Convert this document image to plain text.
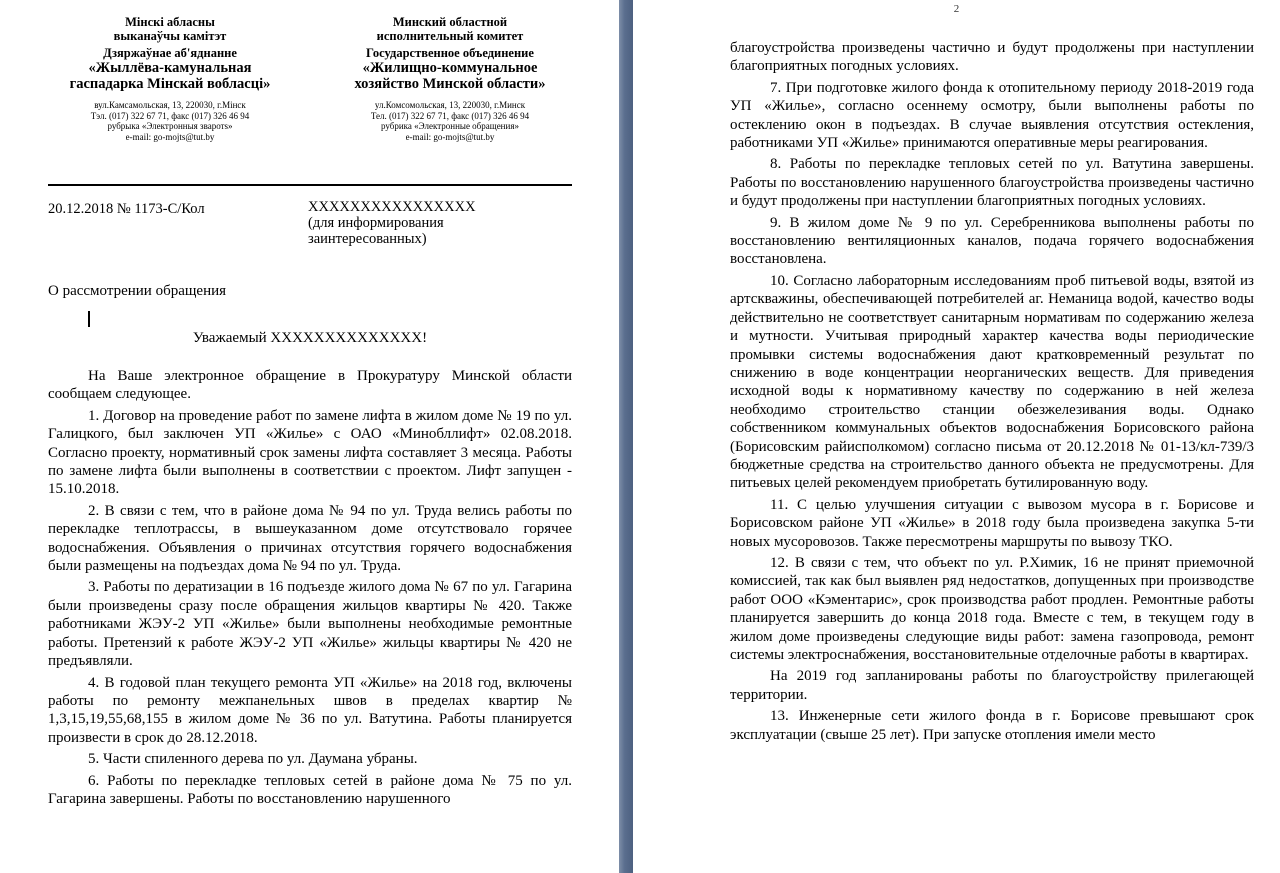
Мінскі абласны
выканаўчы камітэт
Дзяржаўнае аб'яднанне
«Жыллёва-камунальная
гаспадарка Мінскай вобласці»
вул.Камсамольская, 13, 220030, г.Мінск
Тэл. (017) 322 67 71, факс (017) 326 46 94
рубрыка «Электронныя зваротs»
e-mail: go-mojts@tut.by
Минский областной
исполнительный комитет
Государственное объединение
«Жилищно-коммунальное
хозяйство Минской области»
ул.Комсомольская, 13, 220030, г.Минск
Тел. (017) 322 67 71, факс (017) 326 46 94
рубрика «Электронные обращения»
e-mail: go-mojts@tut.by
20.12.2018 № 1173-С/Кол	ХХХХХХХХХХХХХХХХ
(для информирования
заинтересованных)
О рассмотрении обращения
Уважаемый ХХХХХХХХХХХХХХ!

На Ваше электронное обращение в Прокуратуру Минской области сообщаем следующее.

1. Договор на проведение работ по замене лифта в жилом доме № 19 по ул. Галицкого, был заключен УП «Жилье» с ОАО «Минобллифт» 02.08.2018. Согласно проекту, нормативный срок замены лифта составляет 3 месяца. Работы по замене лифта были выполнены в соответствии с проектом. Лифт запущен - 15.10.2018.

2. В связи с тем, что в районе дома № 94 по ул. Труда велись работы по перекладке теплотрассы, в вышеуказанном доме отсутствовало горячее водоснабжения. Объявления о причинах отсутствия горячего водоснабжения были размещены на подъездах дома № 94 по ул. Труда.

3. Работы по дератизации в 16 подъезде жилого дома № 67 по ул. Гагарина были произведены сразу после обращения жильцов квартиры № 420. Также работниками ЖЭУ-2 УП «Жилье» были выполнены необходимые ремонтные работы. Претензий к работе ЖЭУ-2 УП «Жилье» жильцы квартиры № 420 не предъявляли.

4. В годовой план текущего ремонта УП «Жилье» на 2018 год, включены работы по ремонту межпанельных швов в пределах квартир № 1,3,15,19,55,68,155 в жилом доме № 36 по ул. Ватутина. Работы планируется произвести в срок до 28.12.2018.

5. Части спиленного дерева по ул. Даумана убраны.

6. Работы по перекладке тепловых сетей в районе дома № 75 по ул. Гагарина завершены. Работы по восстановлению нарушенного

2

благоустройства произведены частично и будут продолжены при наступлении благоприятных погодных условиях.

7. При подготовке жилого фонда к отопительному периоду 2018-2019 года УП «Жилье», согласно осеннему осмотру, были выполнены работы по остеклению окон в подъездах. В случае выявления отсутствия остекления, работниками УП «Жилье» принимаются оперативные меры реагирования.

8. Работы по перекладке тепловых сетей по ул. Ватутина завершены. Работы по восстановлению нарушенного благоустройства произведены частично и будут продолжены при наступлении благоприятных погодных условиях.

9. В жилом доме № 9 по ул. Серебренникова выполнены работы по восстановлению вентиляционных каналов, подача горячего водоснабжения восстановлена.

10. Согласно лабораторным исследованиям проб питьевой воды, взятой из артскважины, обеспечивающей потребителей аг. Неманица водой, качество воды действительно не соответствует санитарным нормативам по содержанию железа и мутности. Учитывая природный характер качества воды периодические промывки системы водоснабжения дают кратковременный результат по снижению в воде концентрации неорганических веществ. Для приведения исходной воды к нормативному качеству по содержанию в ней железа необходимо строительство станции обезжелезивания воды. Однако собственником коммунальных объектов водоснабжения Борисовского района (Борисовским райисполкомом) согласно письма от 20.12.2018 № 01-13/кл-739/3 бюджетные средства на строительство данного объекта не предусмотрены. Для питьевых целей рекомендуем приобретать бутилированную воду.

11. С целью улучшения ситуации с вывозом мусора в г. Борисове и Борисовском районе УП «Жилье» в 2018 году была произведена закупка 5-ти новых мусоровозов. Также пересмотрены маршруты по вывозу ТКО.

12. В связи с тем, что объект по ул. Р.Химик, 16 не принят приемочной комиссией, так как был выявлен ряд недостатков, допущенных при производстве работ ООО «Кэментарис», срок производства работ продлен. Ремонтные работы планируется завершить до конца 2018 года. Вместе с тем, в текущем году в жилом доме произведены следующие виды работ: замена газопровода, ремонт системы электроснабжения, восстановительные отделочные работы в квартирах.

На 2019 год запланированы работы по благоустройству прилегающей территории.

13. Инженерные сети жилого фонда в г. Борисове превышают срок эксплуатации (свыше 25 лет). При запуске отопления имели место
